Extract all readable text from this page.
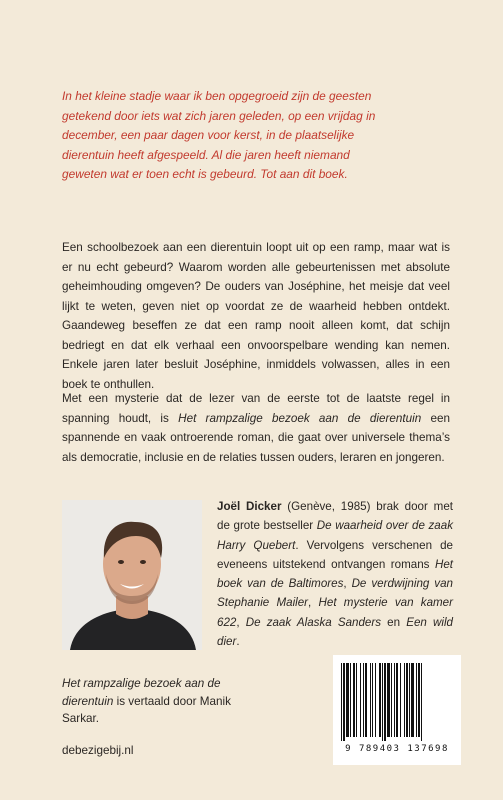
In het kleine stadje waar ik ben opgegroeid zijn de geesten
getekend door iets wat zich jaren geleden, op een vrijdag in
december, een paar dagen voor kerst, in de plaatselijke
dierentuin heeft afgespeeld. Al die jaren heeft niemand
geweten wat er toen echt is gebeurd. Tot aan dit boek.

Een schoolbezoek aan een dierentuin loopt uit op een ramp, maar wat is er nu echt gebeurd? Waarom worden alle gebeurtenissen met absolute geheimhouding omgeven? De ouders van Joséphine, het meisje dat veel lijkt te weten, geven niet op voordat ze de waarheid hebben ontdekt. Gaandeweg beseffen ze dat een ramp nooit alleen komt, dat schijn bedriegt en dat elk verhaal een onvoorspelbare wending kan nemen. Enkele jaren later besluit Joséphine, inmiddels volwassen, alles in een boek te onthullen.

Met een mysterie dat de lezer van de eerste tot de laatste regel in spanning houdt, is Het rampzalige bezoek aan de dierentuin een spannende en vaak ontroerende roman, die gaat over universele thema’s als democratie, inclusie en de relaties tussen ouders, leraren en jongeren.

Joël Dicker (Genève, 1985) brak door met de grote bestseller De waarheid over de zaak Harry Quebert. Vervolgens verschenen de eveneens uitstekend ontvangen romans Het boek van de Baltimores, De verdwijning van Stephanie Mailer, Het mysterie van kamer 622, De zaak Alaska Sanders en Een wild dier.

Het rampzalige bezoek aan de dierentuin is vertaald door Manik Sarkar.

debezigebij.nl	9 789403 137698
